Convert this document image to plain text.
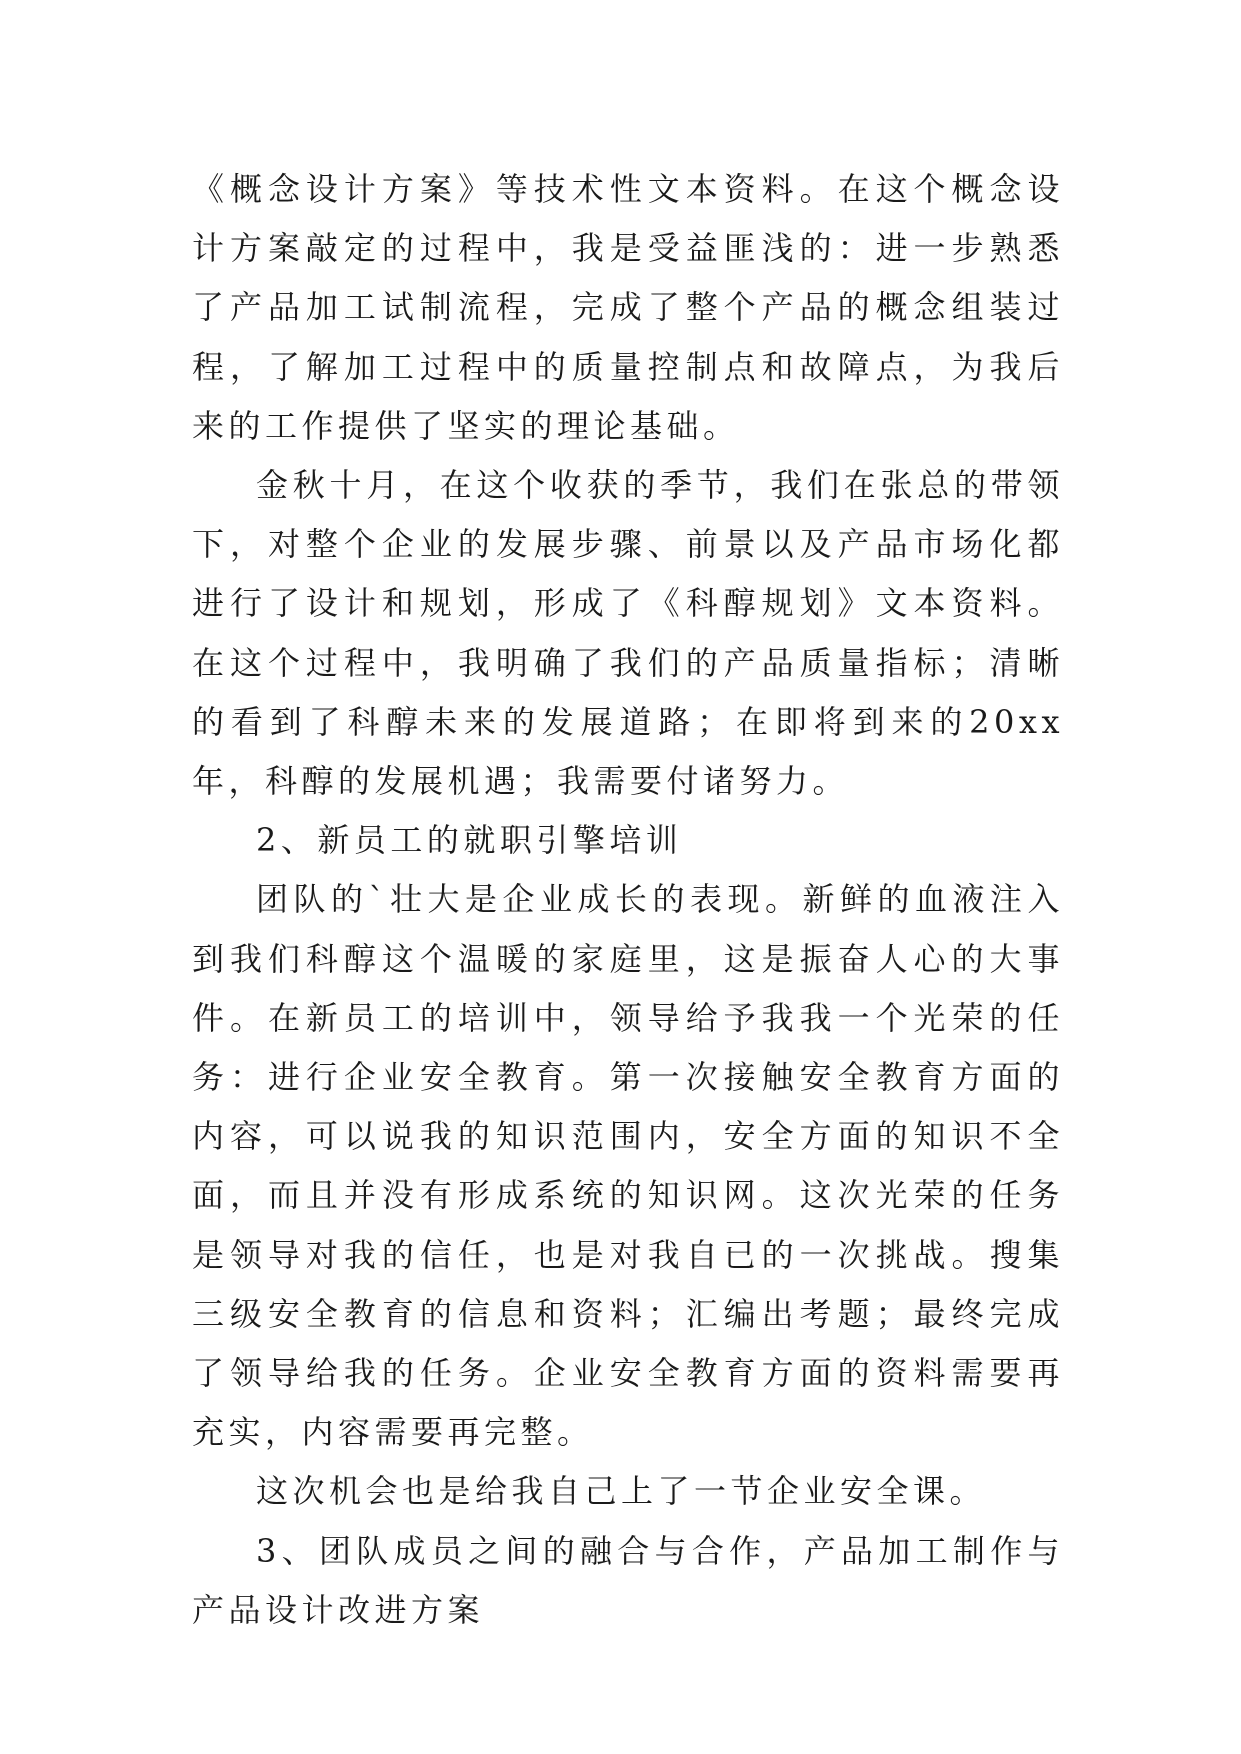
《概念设计方案》等技术性文本资料。在这个概念设计方案敲定的过程中，我是受益匪浅的：进一步熟悉了产品加工试制流程，完成了整个产品的概念组装过程，了解加工过程中的质量控制点和故障点，为我后来的工作提供了坚实的理论基础。

金秋十月，在这个收获的季节，我们在张总的带领下，对整个企业的发展步骤、前景以及产品市场化都进行了设计和规划，形成了《科醇规划》文本资料。在这个过程中，我明确了我们的产品质量指标；清晰的看到了科醇未来的发展道路；在即将到来的20xx年，科醇的发展机遇；我需要付诸努力。

2、新员工的就职引擎培训

团队的`壮大是企业成长的表现。新鲜的血液注入到我们科醇这个温暖的家庭里，这是振奋人心的大事件。在新员工的培训中，领导给予我我一个光荣的任务：进行企业安全教育。第一次接触安全教育方面的内容，可以说我的知识范围内，安全方面的知识不全面，而且并没有形成系统的知识网。这次光荣的任务是领导对我的信任，也是对我自已的一次挑战。搜集三级安全教育的信息和资料；汇编出考题；最终完成了领导给我的任务。企业安全教育方面的资料需要再充实，内容需要再完整。

这次机会也是给我自己上了一节企业安全课。

3、团队成员之间的融合与合作，产品加工制作与产品设计改进方案
